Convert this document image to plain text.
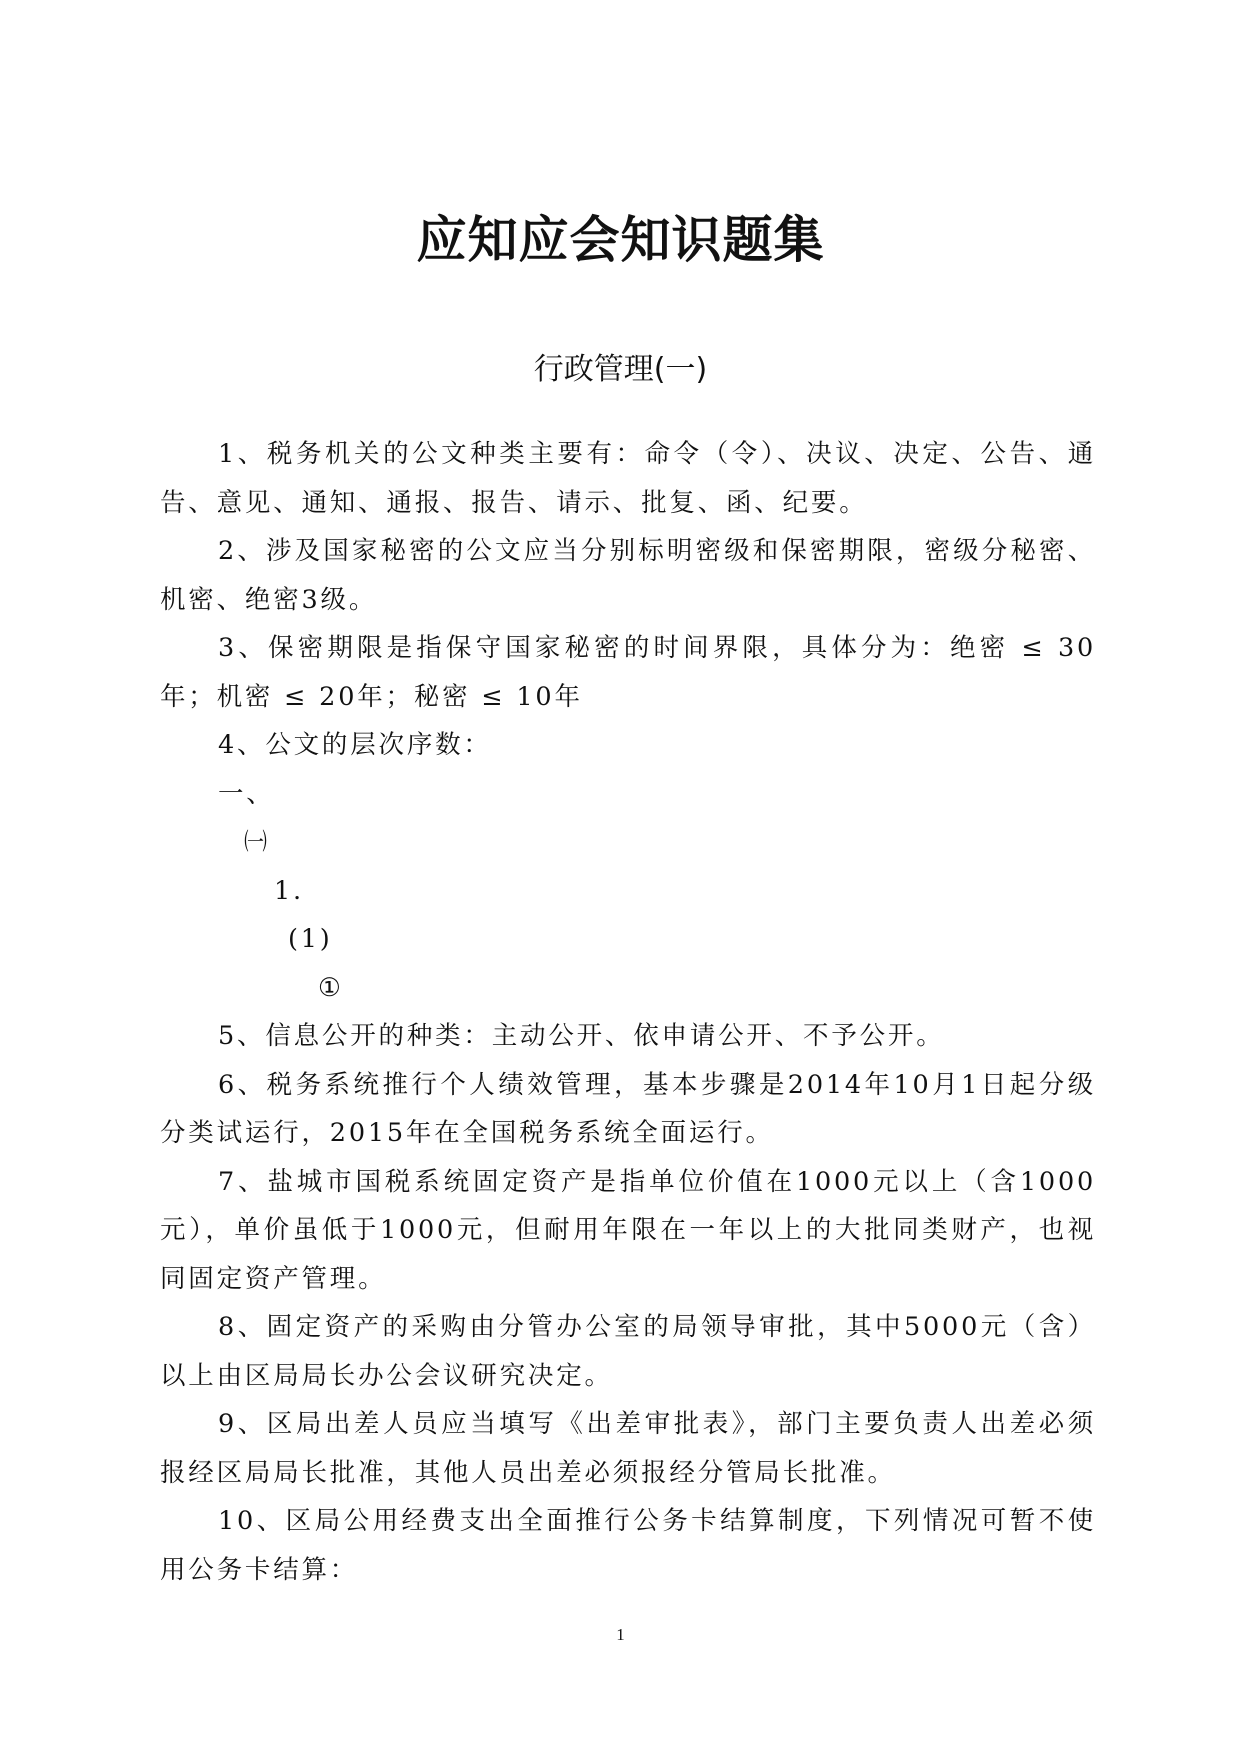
应知应会知识题集
行政管理(一)

1、税务机关的公文种类主要有：命令（令）、决议、决定、公告、通告、意见、通知、通报、报告、请示、批复、函、纪要。

2、涉及国家秘密的公文应当分别标明密级和保密期限，密级分秘密、机密、绝密3级。

3、保密期限是指保守国家秘密的时间界限，具体分为：绝密 ≤ 30年；机密 ≤ 20年；秘密 ≤ 10年

4、公文的层次序数：

一、

㈠

1.

(1)

①

5、信息公开的种类：主动公开、依申请公开、不予公开。

6、税务系统推行个人绩效管理，基本步骤是2014年10月1日起分级分类试运行，2015年在全国税务系统全面运行。

7、盐城市国税系统固定资产是指单位价值在1000元以上（含1000元），单价虽低于1000元，但耐用年限在一年以上的大批同类财产，也视同固定资产管理。

8、固定资产的采购由分管办公室的局领导审批，其中5000元（含）以上由区局局长办公会议研究决定。

9、区局出差人员应当填写《出差审批表》，部门主要负责人出差必须报经区局局长批准，其他人员出差必须报经分管局长批准。

10、区局公用经费支出全面推行公务卡结算制度，下列情况可暂不使用公务卡结算：

1
